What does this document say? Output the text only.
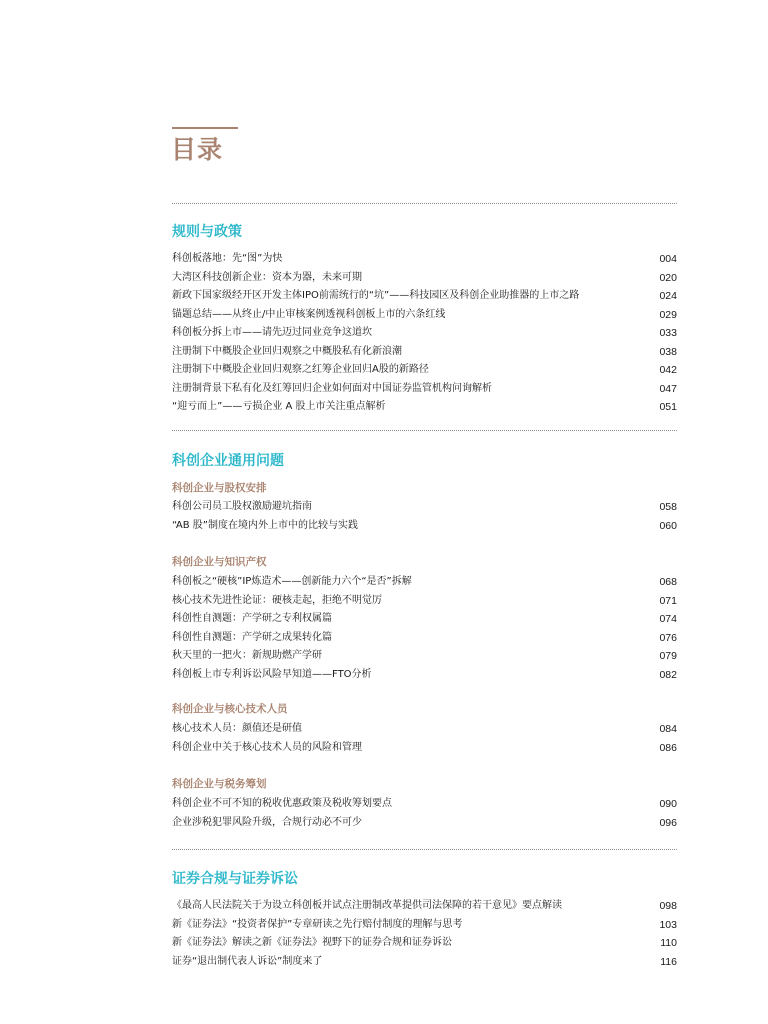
目录
规则与政策
科创板落地：先“图”为快	004
大湾区科技创新企业：资本为器，未来可期	020
新政下国家级经开区开发主体IPO前需统行的“坑”——科技园区及科创企业助推器的上市之路	024
锚题总结——从终止/中止审核案例透视科创板上市的六条红线	029
科创板分拆上市——请先迈过同业竞争这道坎	033
注册制下中概股企业回归观察之中概股私有化新浪潮	038
注册制下中概股企业回归观察之红筹企业回归A股的新路径	042
注册制背景下私有化及红筹回归企业如何面对中国证券监管机构问询解析	047
“迎亏而上”——亏损企业 A 股上市关注重点解析	051
科创企业通用问题
科创企业与股权安排
科创公司员工股权激励避坑指南	058
“AB 股”制度在境内外上市中的比较与实践	060
科创企业与知识产权
科创板之“硬核”IP炼造术——创新能力六个“是否”拆解	068
核心技术先进性论证：硬核走起，拒绝不明觉厉	071
科创性自测题：产学研之专利权属篇	074
科创性自测题：产学研之成果转化篇	076
秋天里的一把火：新规助燃产学研	079
科创板上市专利诉讼风险早知道——FTO分析	082
科创企业与核心技术人员
核心技术人员：颜值还是研值	084
科创企业中关于核心技术人员的风险和管理	086
科创企业与税务筹划
科创企业不可不知的税收优惠政策及税收筹划要点	090
企业涉税犯罪风险升级，合规行动必不可少	096
证券合规与证券诉讼
《最高人民法院关于为设立科创板并试点注册制改革提供司法保障的若干意见》要点解读	098
新《证券法》“投资者保护”专章研读之先行赔付制度的理解与思考	103
新《证券法》解读之新《证券法》视野下的证券合规和证券诉讼	110
证券“退出制代表人诉讼”制度来了	116
